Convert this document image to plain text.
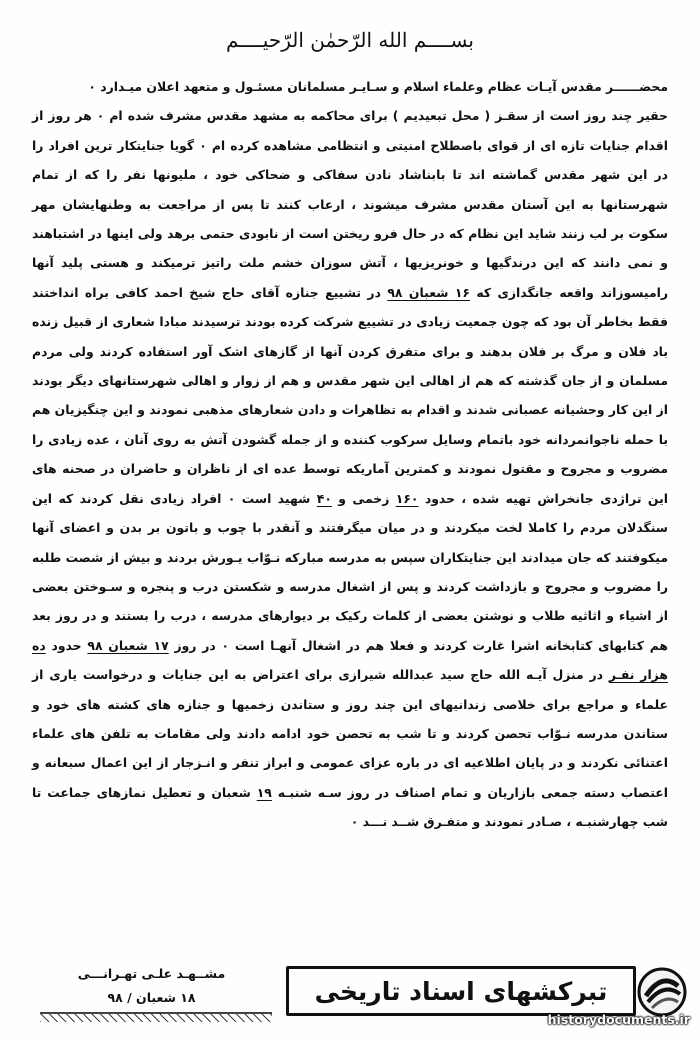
بســــم الله الرّحمٰن الرّحیــــم

محضــــــر مقدس آیـات عظام وعلماء اسلام و سـایـر مسلمانان مسئـول و متعهد اعلان میـدارد ۰

حقیر چند روز است از سقـز ( محل تبعیدیم ) برای محاکمه به مشهد مقدس مشرف شده ام ۰ هر روز از اقدام جنایات تازه ای از قوای باصطلاح امنیتی و انتظامی مشاهده کرده ام ۰ گویا جنایتکار ترین افراد را در این شهر مقدس گماشته اند تا بابناشاد نادن سفاکی و ضحاکی خود ، ملیونها نفر را که از تمام شهرستانها به این آستان مقدس مشرف میشوند ، ارعاب کنند تا پس از مراجعت به وطنهایشان مهر سکوت بر لب زنند شاید این نظام که در حال فرو ریختن است از نابودی حتمی برهد ولی اینها در اشتباهند و نمی دانند که این درندگیها و خونریزیها ، آتش سوزان خشم ملت راتیز ترمیکند و هستی پلید آنها رامیسوزاند واقعه جانگدازی که ۱۶ شعبان ۹۸ در تشییع جنازه آقای حاج شیخ احمد کافی براه انداختند فقط بخاطر آن بود که چون جمعیت زیادی در تشییع شرکت کرده بودند ترسیدند مبادا شعاری از قبیل زنده باد فلان و مرگ بر فلان بدهند و برای متفرق کردن آنها از گازهای اشک آور استفاده کردند ولی مردم مسلمان و از جان گذشته که هم از اهالی این شهر مقدس و هم از زوار و اهالی شهرستانهای دیگر بودند از این کار وحشیانه عصبانی شدند و اقدام به تظاهرات و دادن شعارهای مذهبی نمودند و این چنگیزیان هم با حمله ناجوانمردانه خود باتمام وسایل سرکوب کننده و از جمله گشودن آتش به روی آنان ، عده زیادی را مضروب و مجروح و مقتول نمودند و کمترین آماریکه توسط عده ای از ناظران و حاضران در صحنه های این تراژدی جانخراش تهیه شده ، حدود ۱۶۰ زخمی و ۴۰ شهید است ۰ افراد زیادی نقل کردند که این سنگدلان مردم را کاملا لخت میکردند و در میان میگرفتند و آنقدر با چوب و باتون بر بدن و اعضای آنها میکوفتند که جان میدادند این جنایتکاران سپس به مدرسه مبارکه نـوّاب یـورش بردند و بیش از شصت طلبه را مضروب و مجروح و بازداشت کردند و پس از اشغال مدرسه و شکستن درب و پنجره و سـوختن بعضی از اشیاء و اثاثیه طلاب و نوشتن بعضی از کلمات رکیک بر دیوارهای مدرسه ، درب را بستند و در روز بعد هم کتابهای کتابخانه اشرا غارت کردند و فعلا هم در اشغال آنهـا است ۰ در روز ۱۷ شعبان ۹۸ حدود ده هزار نفـر در منزل آیـه الله حاج سید عبدالله شیرازی برای اعتراض به این جنایات و درخواست یاری از علماء و مراجع برای خلاصی زندانیهای این چند روز و ستاندن زخمیها و جنازه های کشته های خود و ستاندن مدرسه نـوّاب تحصن کردند و تا شب به تحصن خود ادامه دادند ولی مقامات به تلفن های علماء اعتنائی نکردند و در پایان اطلاعیه ای در باره عزای عمومی و ابراز تنفر و انـزجار از این اعمال سبعانه و اعتصاب دسته جمعی بازاریان و تمام اصناف در روز سـه شنبـه ۱۹ شعبان و تعطیل نمازهای جماعت تا شب چهارشنبـه ، صـادر نمودند و متفـرق شــد نـــد ۰

مشــهـد علـی تهـرانـــی
۱۸ شعبان / ۹۸	تبرکشهای اسناد تاریخی
historydocuments.ir
